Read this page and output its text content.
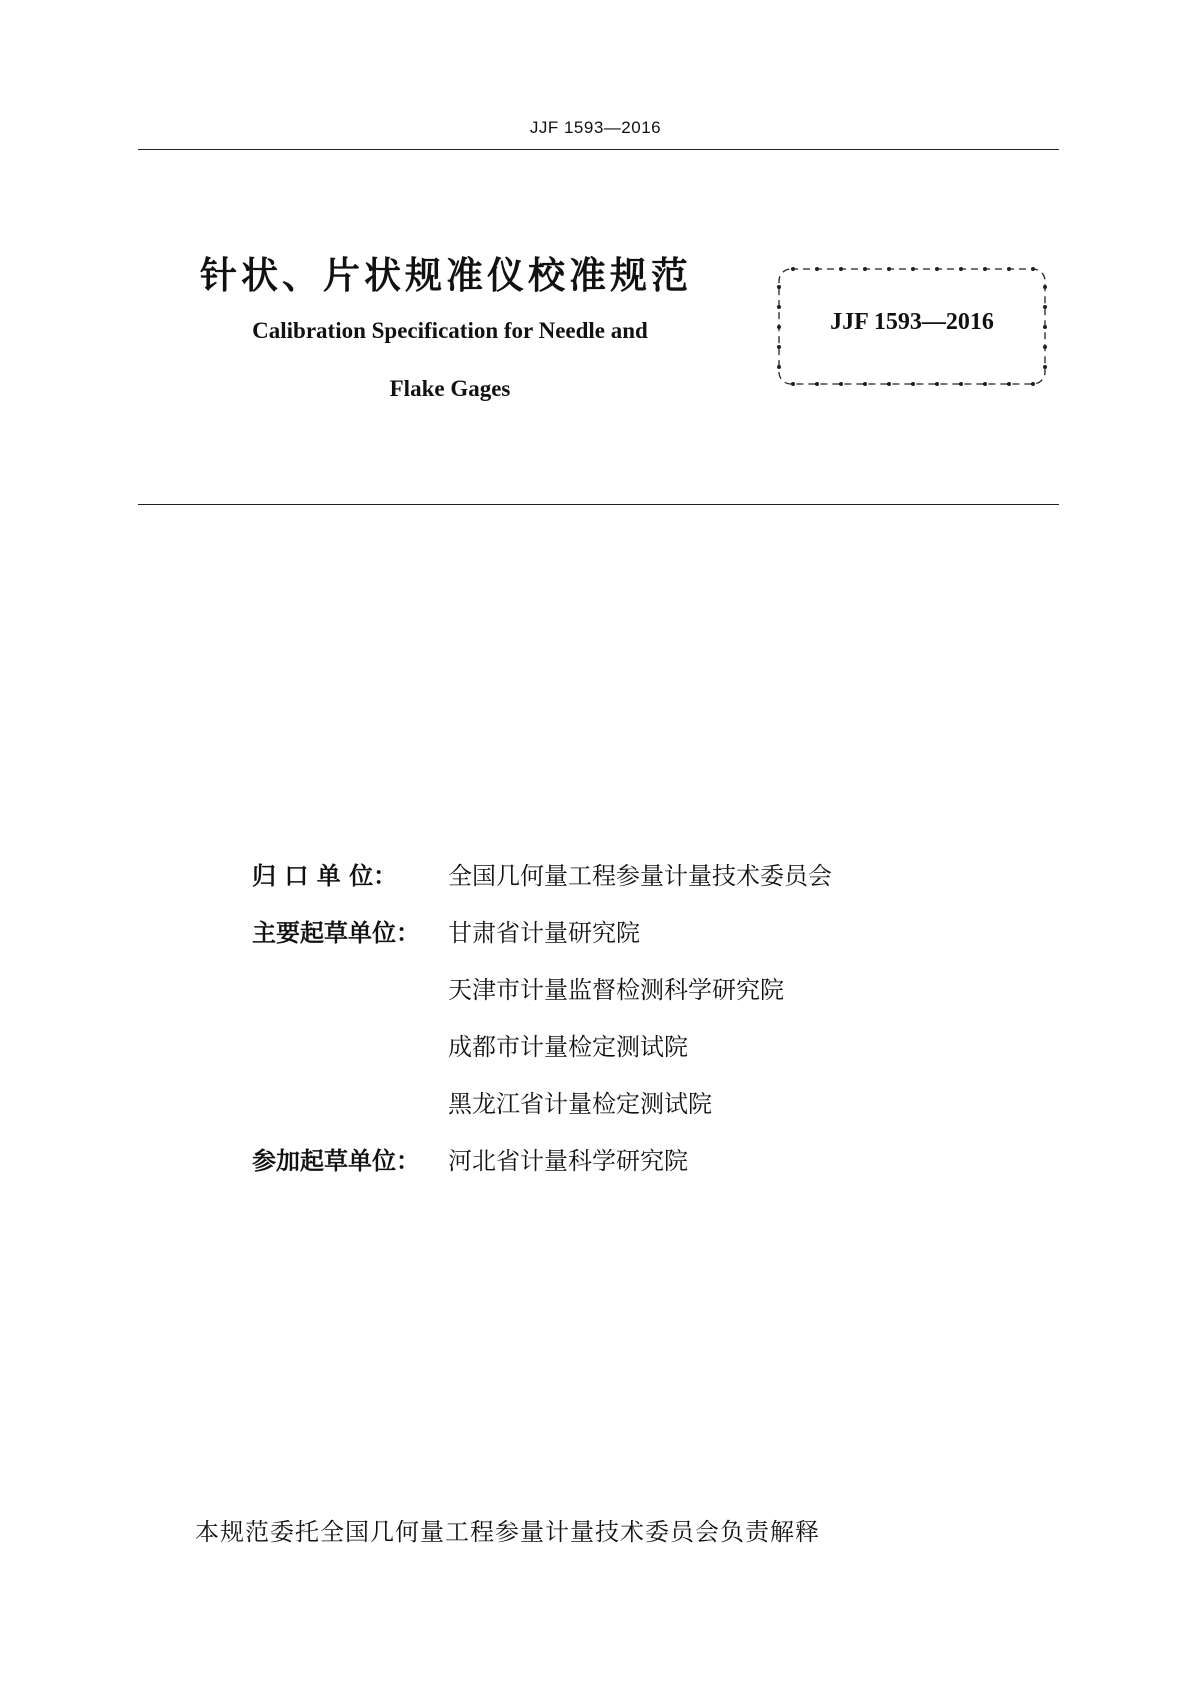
JJF 1593—2016
针状、片状规准仪校准规范
Calibration Specification for Needle and
Flake Gages
JJF 1593—2016
归 口 单 位：	全国几何量工程参量计量技术委员会
主要起草单位：	甘肃省计量研究院
天津市计量监督检测科学研究院
成都市计量检定测试院
黑龙江省计量检定测试院
参加起草单位：	河北省计量科学研究院
本规范委托全国几何量工程参量计量技术委员会负责解释
